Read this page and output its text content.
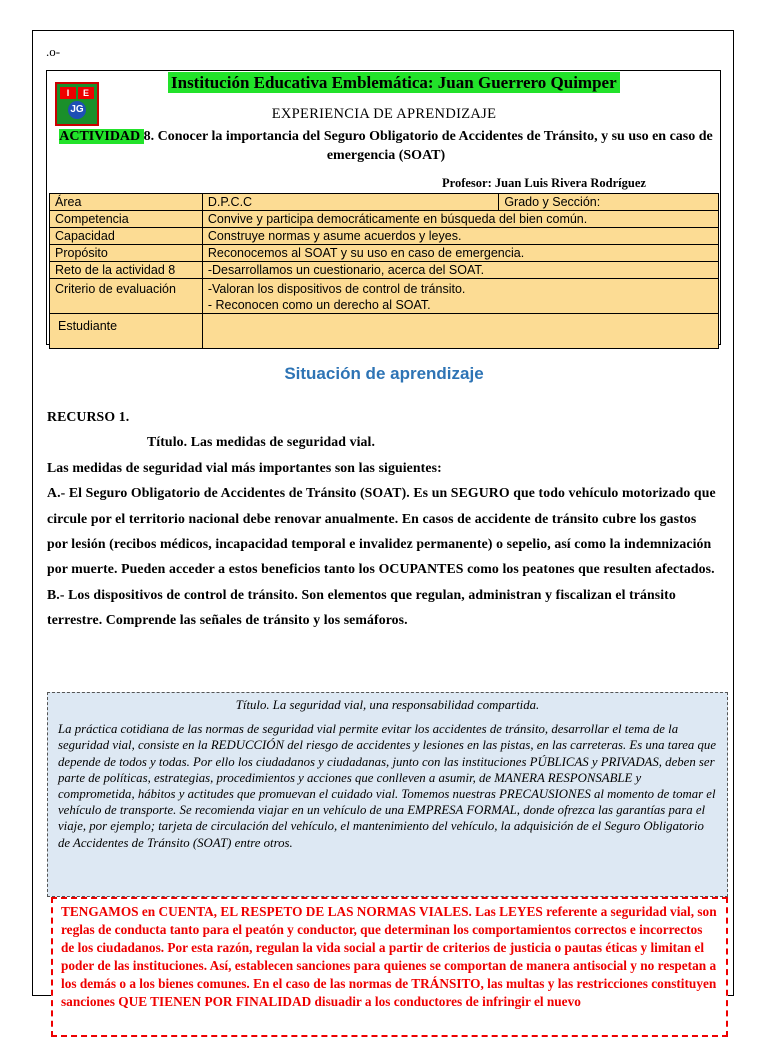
.o-
I	E
JG
Institución Educativa Emblemática: Juan Guerrero Quimper
EXPERIENCIA DE APRENDIZAJE
ACTIVIDAD 8. Conocer la importancia del Seguro Obligatorio de Accidentes de Tránsito, y su uso en caso de emergencia (SOAT)
Profesor: Juan Luis Rivera Rodríguez
Área	D.P.C.C	Grado y Sección:
Competencia	Convive y participa democráticamente en búsqueda del bien común.	
Capacidad	Construye normas y asume acuerdos y leyes.	
Propósito	Reconocemos al SOAT y su uso en caso de emergencia.	
Reto de la actividad 8	-Desarrollamos un cuestionario, acerca del SOAT.	
Criterio de evaluación	-Valoran los dispositivos de control de tránsito.
- Reconocen como un derecho al SOAT.	

Estudiante		
Situación de aprendizaje

RECURSO 1.

Título. Las medidas de seguridad vial.

Las medidas de seguridad vial más importantes son las siguientes:

A.- El Seguro Obligatorio de Accidentes de Tránsito (SOAT). Es un SEGURO que todo vehículo motorizado que circule por el territorio nacional debe renovar anualmente. En casos de accidente de tránsito cubre los gastos por lesión (recibos médicos, incapacidad temporal e invalidez permanente) o sepelio, así como la indemnización por muerte. Pueden acceder a estos beneficios tanto los OCUPANTES como los peatones que resulten afectados.

B.- Los dispositivos de control de tránsito. Son elementos que regulan, administran y fiscalizan el tránsito terrestre. Comprende las señales de tránsito y los semáforos.

Título. La seguridad vial, una responsabilidad compartida.
La práctica cotidiana de las normas de seguridad vial permite evitar los accidentes de tránsito, desarrollar el tema de la seguridad vial, consiste en la REDUCCIÓN del riesgo de accidentes y lesiones en las pistas, en las carreteras. Es una tarea que depende de todos y todas. Por ello los ciudadanos y ciudadanas, junto con las instituciones PÚBLICAS y PRIVADAS, deben ser parte de políticas, estrategias, procedimientos y acciones que conlleven a asumir, de MANERA RESPONSABLE y comprometida, hábitos y actitudes que promuevan el cuidado vial. Tomemos nuestras PRECAUSIONES al momento de tomar el vehículo de transporte. Se recomienda viajar en un vehículo de una EMPRESA FORMAL, donde ofrezca las garantías para el viaje, por ejemplo; tarjeta de circulación del vehículo, el mantenimiento del vehículo, la adquisición de el Seguro Obligatorio de Accidentes de Tránsito (SOAT) entre otros.
TENGAMOS en CUENTA, EL RESPETO DE LAS NORMAS VIALES. Las LEYES referente a seguridad vial, son reglas de conducta tanto para el peatón y conductor, que determinan los comportamientos correctos e incorrectos de los ciudadanos. Por esta razón, regulan la vida social a partir de criterios de justicia o pautas éticas y limitan el poder de las instituciones. Así, establecen sanciones para quienes se comportan de manera antisocial y no respetan a los demás o a los bienes comunes. En el caso de las normas de TRÁNSITO, las multas y las restricciones constituyen sanciones QUE TIENEN POR FINALIDAD disuadir a los conductores de infringir el nuevo
